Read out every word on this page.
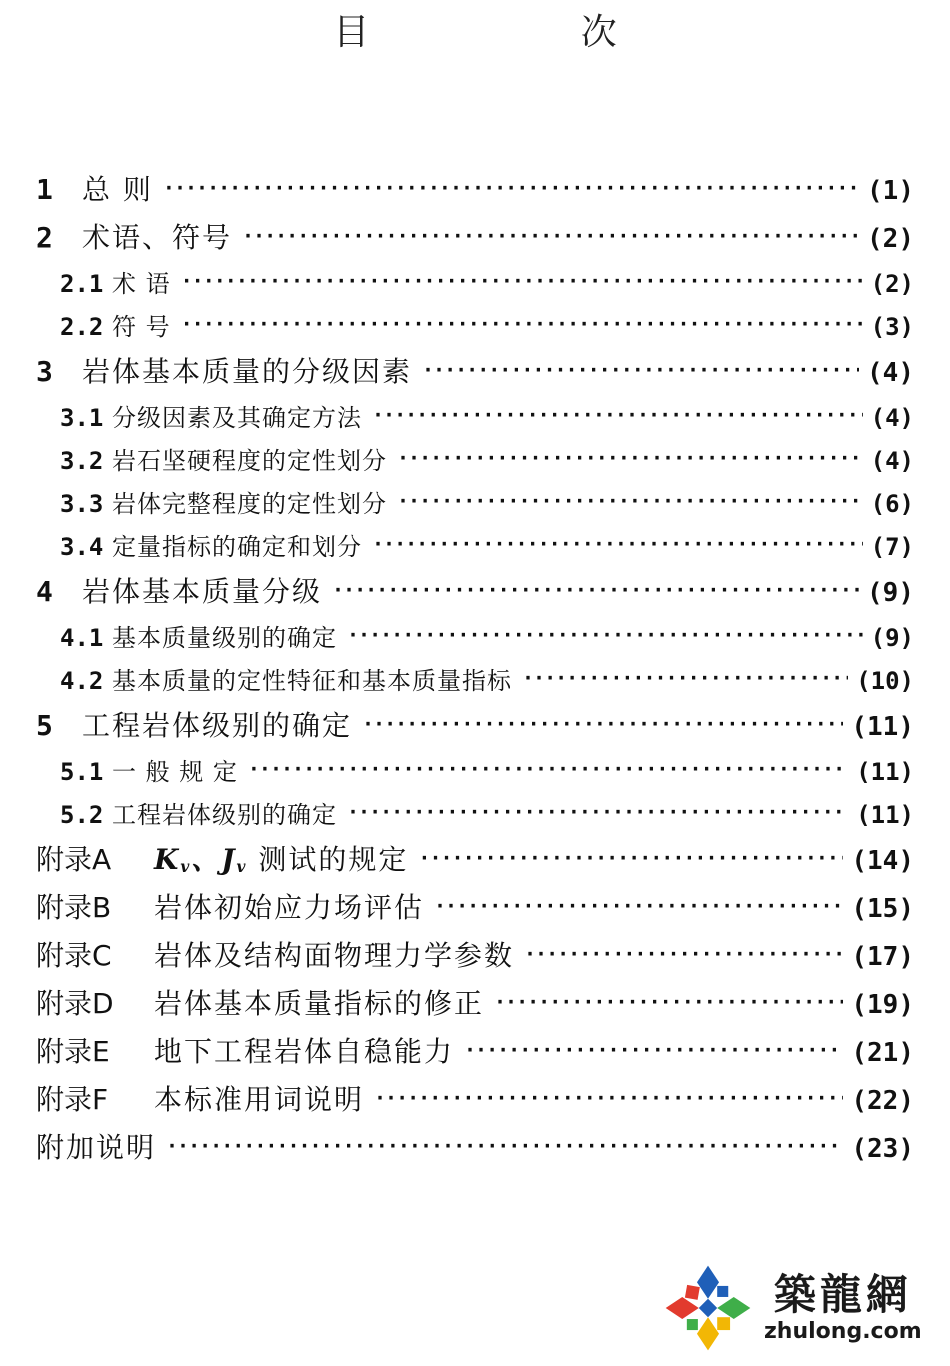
目 次
1	总 则 ·····	(1)
2	术语、符号 ·····	(2)
2.1 术 语 ·····	(2)
2.2 符 号 ·····	(3)
3	岩体基本质量的分级因素 ·····	(4)
3.1 分级因素及其确定方法 ·····	(4)
3.2 岩石坚硬程度的定性划分 ·····	(4)
3.3 岩体完整程度的定性划分 ·····	(6)
3.4 定量指标的确定和划分 ·····	(7)
4	岩体基本质量分级 ·····	(9)
4.1 基本质量级别的确定 ·····	(9)
4.2 基本质量的定性特征和基本质量指标 ·····	(10)
5	工程岩体级别的确定 ·····	(11)
5.1 一 般 规 定 ·····	(11)
5.2 工程岩体级别的确定 ·····	(11)
附录A	$K_v$、$J_v$ 测试的规定 ·····	(14)
附录B	岩体初始应力场评估 ·····	(15)
附录C	岩体及结构面物理力学参数 ·····	(17)
附录D	岩体基本质量指标的修正 ·····	(19)
附录E	地下工程岩体自稳能力 ·····	(21)
附录F	本标准用词说明 ·····	(22)
附加说明 ·····	(23)
築龍網
zhulong.com
